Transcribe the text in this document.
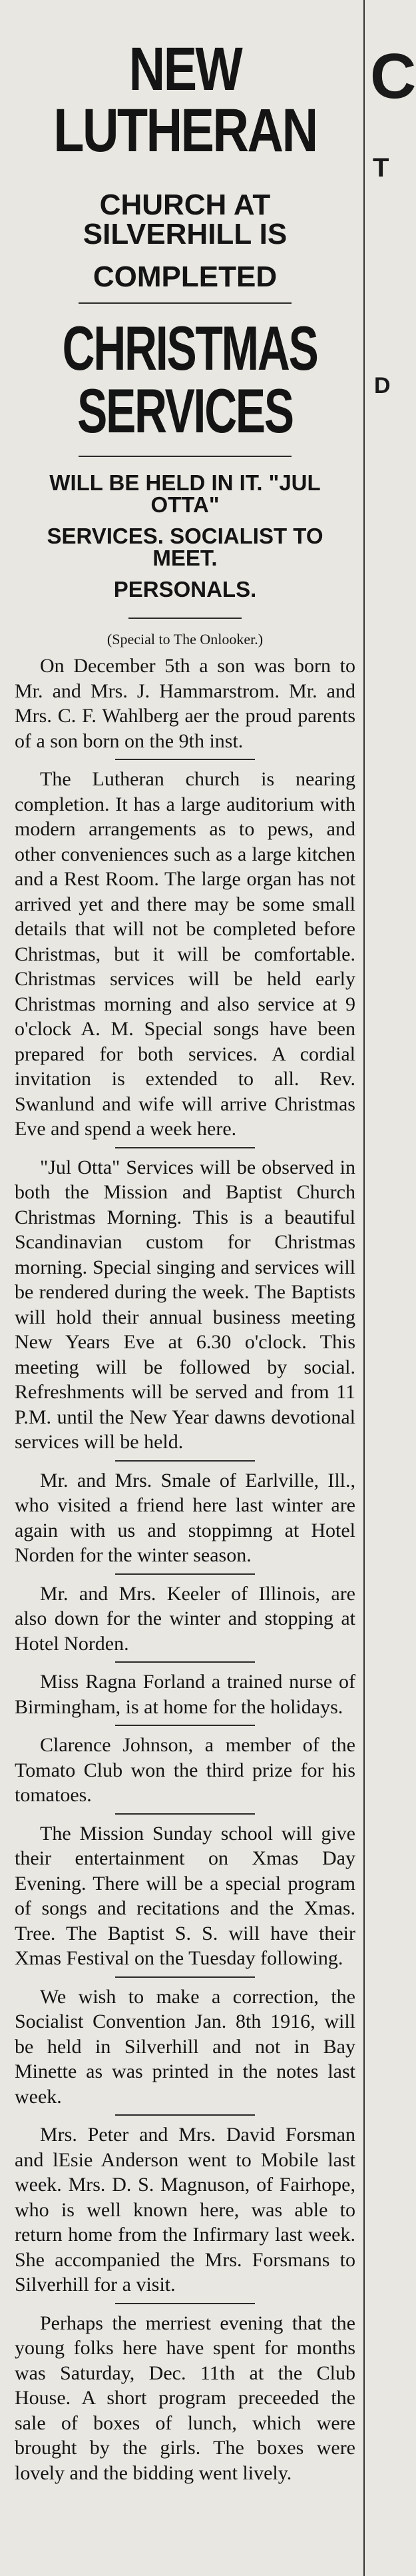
C
T
D
NEW LUTHERAN
CHURCH AT SILVERHILL IS
COMPLETED
CHRISTMAS SERVICES
WILL BE HELD IN IT. "JUL OTTA"
SERVICES. SOCIALIST TO MEET.
PERSONALS.

(Special to The Onlooker.)

On December 5th a son was born to Mr. and Mrs. J. Hammarstrom. Mr. and Mrs. C. F. Wahlberg aer the proud parents of a son born on the 9th inst.

The Lutheran church is nearing completion. It has a large auditorium with modern arrangements as to pews, and other conveniences such as a large kitchen and a Rest Room. The large organ has not arrived yet and there may be some small details that will not be completed before Christmas, but it will be comfortable. Christmas services will be held early Christmas morning and also service at 9 o'clock A. M. Special songs have been prepared for both services. A cordial invitation is extended to all. Rev. Swanlund and wife will arrive Christmas Eve and spend a week here.

"Jul Otta" Services will be observed in both the Mission and Baptist Church Christmas Morning. This is a beautiful Scandinavian custom for Christmas morning. Special singing and services will be rendered during the week. The Baptists will hold their annual business meeting New Years Eve at 6.30 o'clock. This meeting will be followed by social. Refreshments will be served and from 11 P.M. until the New Year dawns devotional services will be held.

Mr. and Mrs. Smale of Earlville, Ill., who visited a friend here last winter are again with us and stoppimng at Hotel Norden for the winter season.

Mr. and Mrs. Keeler of Illinois, are also down for the winter and stopping at Hotel Norden.

Miss Ragna Forland a trained nurse of Birmingham, is at home for the holidays.

Clarence Johnson, a member of the Tomato Club won the third prize for his tomatoes.

The Mission Sunday school will give their entertainment on Xmas Day Evening. There will be a special program of songs and recitations and the Xmas. Tree. The Baptist S. S. will have their Xmas Festival on the Tuesday following.

We wish to make a correction, the Socialist Convention Jan. 8th 1916, will be held in Silverhill and not in Bay Minette as was printed in the notes last week.

Mrs. Peter and Mrs. David Forsman and lEsie Anderson went to Mobile last week. Mrs. D. S. Magnuson, of Fairhope, who is well known here, was able to return home from the Infirmary last week. She accompanied the Mrs. Forsmans to Silverhill for a visit.

Perhaps the merriest evening that the young folks here have spent for months was Saturday, Dec. 11th at the Club House. A short program preceeded the sale of boxes of lunch, which were brought by the girls. The boxes were lovely and the bidding went lively.
